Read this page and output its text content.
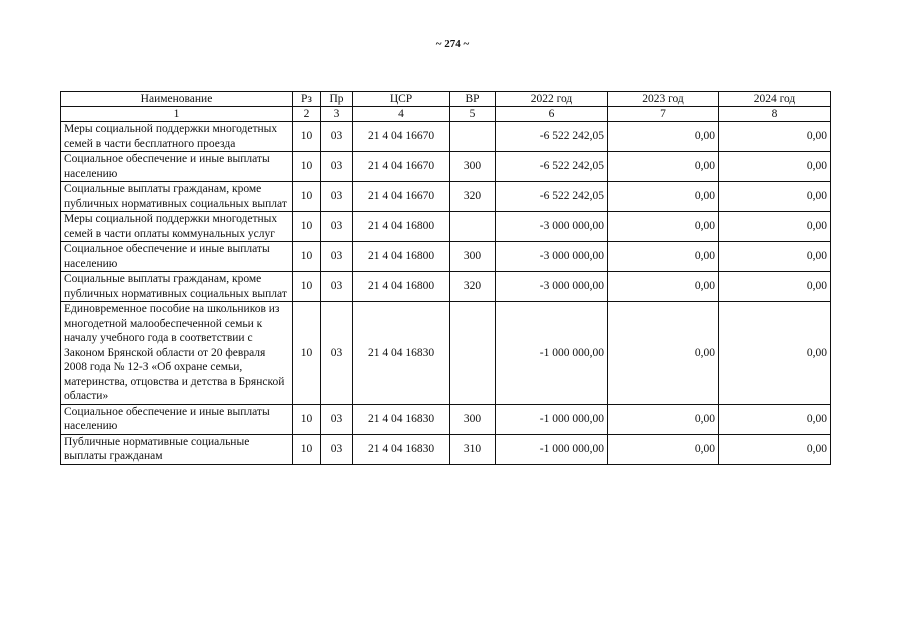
~ 274 ~
Наименование	Рз	Пр	ЦСР	ВР	2022 год	2023 год	2024 год
1	2	3	4	5	6	7	8
Меры социальной поддержки многодетных семей в части бесплатного проезда	10	03	21 4 04 16670		-6 522 242,05	0,00	0,00
Социальное обеспечение и иные выплаты населению	10	03	21 4 04 16670	300	-6 522 242,05	0,00	0,00
Социальные выплаты гражданам, кроме публичных нормативных социальных выплат	10	03	21 4 04 16670	320	-6 522 242,05	0,00	0,00
Меры социальной поддержки многодетных семей в части оплаты коммунальных услуг	10	03	21 4 04 16800		-3 000 000,00	0,00	0,00
Социальное обеспечение и иные выплаты населению	10	03	21 4 04 16800	300	-3 000 000,00	0,00	0,00
Социальные выплаты гражданам, кроме публичных нормативных социальных выплат	10	03	21 4 04 16800	320	-3 000 000,00	0,00	0,00
Единовременное пособие на школьников из многодетной малообеспеченной семьи к началу учебного года в соответствии с Законом Брянской области от 20 февраля 2008 года № 12-З «Об охране семьи, материнства, отцовства и детства в Брянской области»	10	03	21 4 04 16830		-1 000 000,00	0,00	0,00
Социальное обеспечение и иные выплаты населению	10	03	21 4 04 16830	300	-1 000 000,00	0,00	0,00
Публичные нормативные социальные выплаты гражданам	10	03	21 4 04 16830	310	-1 000 000,00	0,00	0,00
